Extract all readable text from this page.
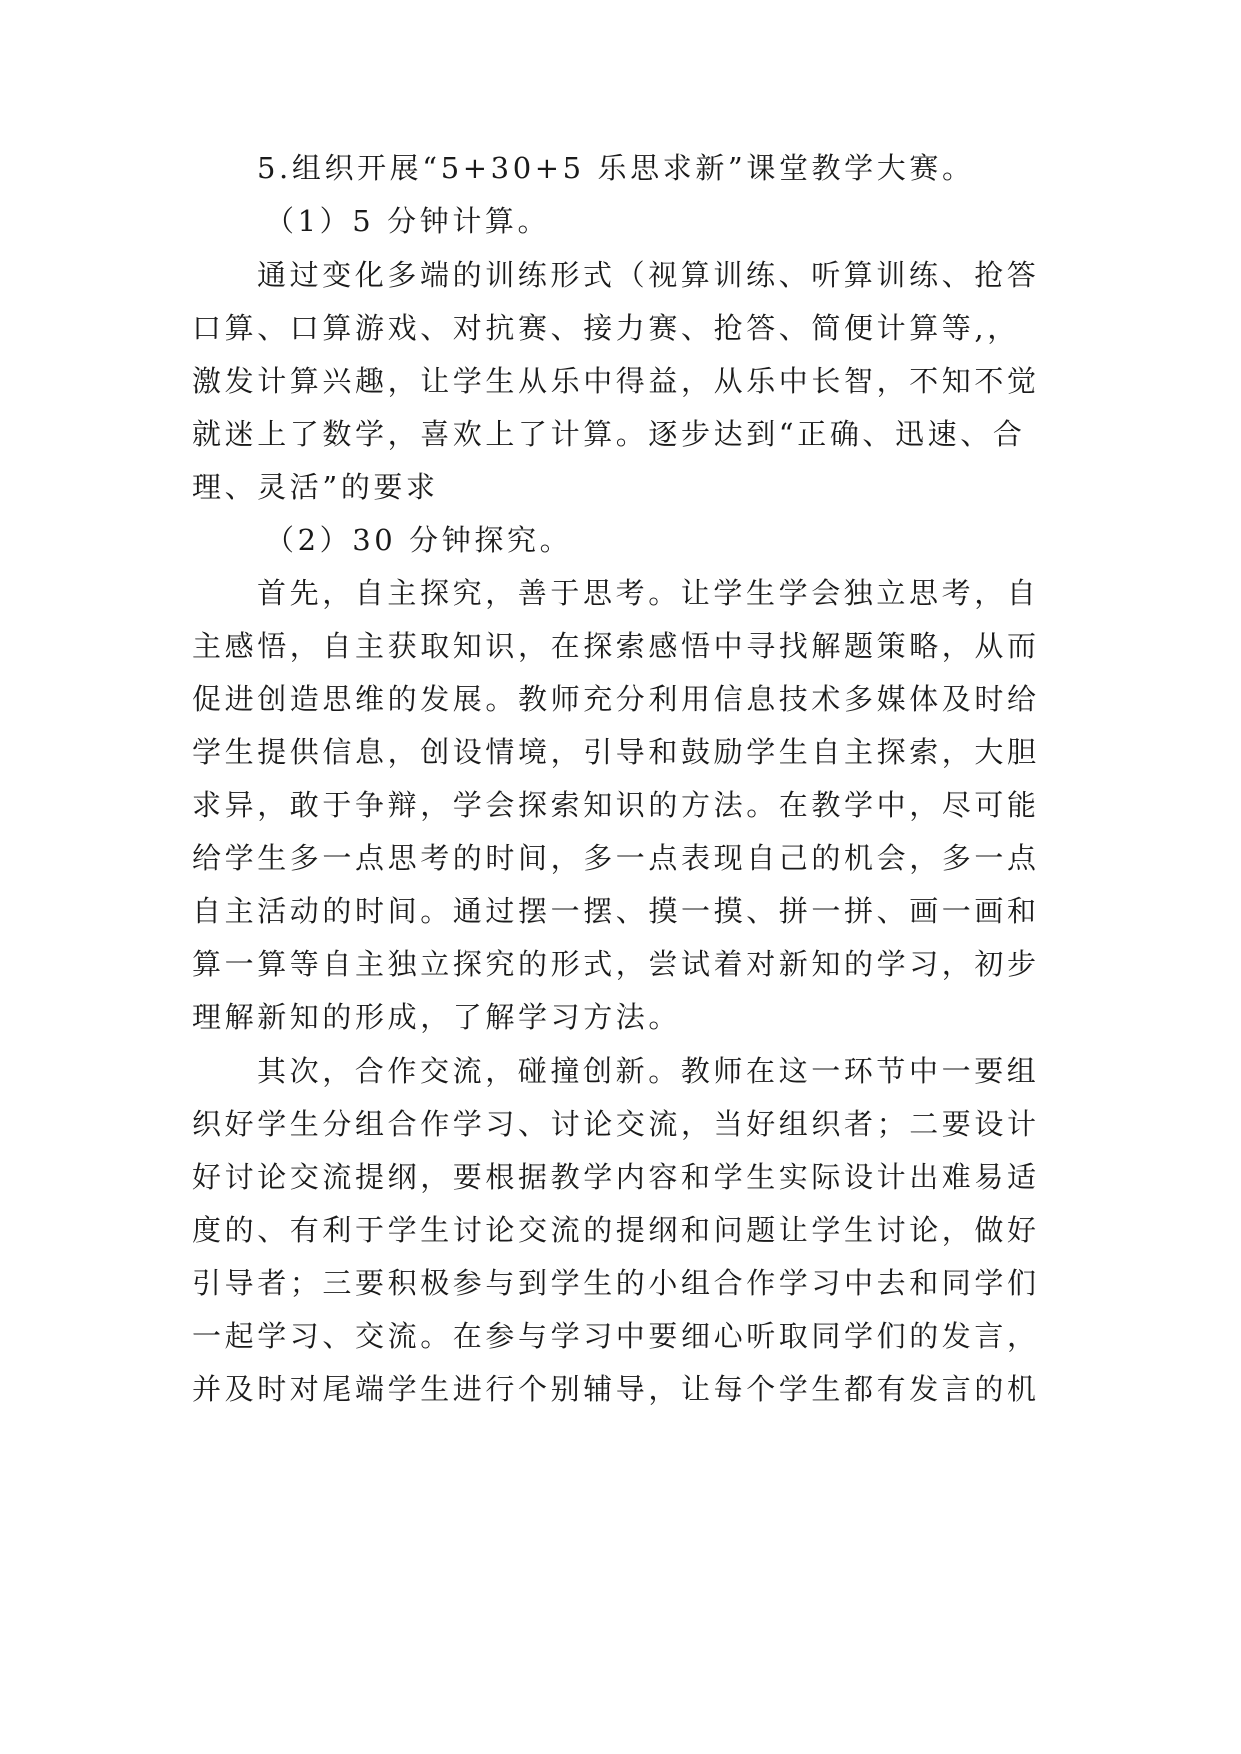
5.组织开展“5+30+5 乐思求新”课堂教学大赛。

（1）5 分钟计算。

通过变化多端的训练形式（视算训练、听算训练、抢答

口算、口算游戏、对抗赛、接力赛、抢答、简便计算等,，

激发计算兴趣，让学生从乐中得益，从乐中长智，不知不觉

就迷上了数学，喜欢上了计算。逐步达到“正确、迅速、合

理、灵活”的要求

（2）30 分钟探究。

首先，自主探究，善于思考。让学生学会独立思考，自

主感悟，自主获取知识，在探索感悟中寻找解题策略，从而

促进创造思维的发展。教师充分利用信息技术多媒体及时给

学生提供信息，创设情境，引导和鼓励学生自主探索，大胆

求异，敢于争辩，学会探索知识的方法。在教学中，尽可能

给学生多一点思考的时间，多一点表现自己的机会，多一点

自主活动的时间。通过摆一摆、摸一摸、拼一拼、画一画和

算一算等自主独立探究的形式，尝试着对新知的学习，初步

理解新知的形成，了解学习方法。

其次，合作交流，碰撞创新。教师在这一环节中一要组

织好学生分组合作学习、讨论交流，当好组织者；二要设计

好讨论交流提纲，要根据教学内容和学生实际设计出难易适

度的、有利于学生讨论交流的提纲和问题让学生讨论，做好

引导者；三要积极参与到学生的小组合作学习中去和同学们

一起学习、交流。在参与学习中要细心听取同学们的发言，

并及时对尾端学生进行个别辅导，让每个学生都有发言的机
